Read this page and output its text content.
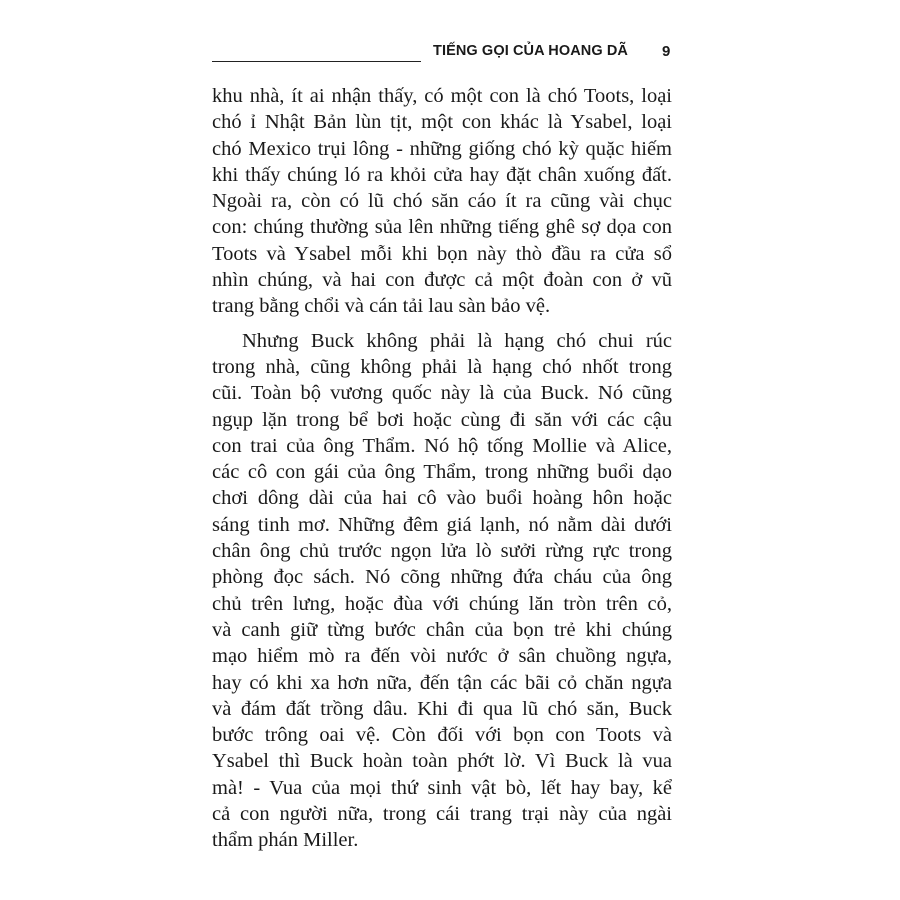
TIẾNG GỌI CỦA HOANG DÃ 9
khu nhà, ít ai nhận thấy, có một con là chó Toots, loại
chó ỉ Nhật Bản lùn tịt, một con khác là Ysabel, loại
chó Mexico trụi lông - những giống chó kỳ quặc hiếm
khi thấy chúng ló ra khỏi cửa hay đặt chân xuống đất.
Ngoài ra, còn có lũ chó săn cáo ít ra cũng vài chục
con: chúng thường sủa lên những tiếng ghê sợ dọa con
Toots và Ysabel mỗi khi bọn này thò đầu ra cửa sổ
nhìn chúng, và hai con được cả một đoàn con ở vũ
trang bằng chổi và cán tải lau sàn bảo vệ.
Nhưng Buck không phải là hạng chó chui rúc
trong nhà, cũng không phải là hạng chó nhốt trong
cũi. Toàn bộ vương quốc này là của Buck. Nó cũng
ngụp lặn trong bể bơi hoặc cùng đi săn với các cậu
con trai của ông Thẩm. Nó hộ tống Mollie và Alice,
các cô con gái của ông Thẩm, trong những buổi dạo
chơi dông dài của hai cô vào buổi hoàng hôn hoặc
sáng tinh mơ. Những đêm giá lạnh, nó nằm dài dưới
chân ông chủ trước ngọn lửa lò sưởi rừng rực trong
phòng đọc sách. Nó cõng những đứa cháu của ông
chủ trên lưng, hoặc đùa với chúng lăn tròn trên cỏ,
và canh giữ từng bước chân của bọn trẻ khi chúng
mạo hiểm mò ra đến vòi nước ở sân chuồng ngựa,
hay có khi xa hơn nữa, đến tận các bãi cỏ chăn ngựa
và đám đất trồng dâu. Khi đi qua lũ chó săn, Buck
bước trông oai vệ. Còn đối với bọn con Toots và
Ysabel thì Buck hoàn toàn phớt lờ. Vì Buck là vua
mà! - Vua của mọi thứ sinh vật bò, lết hay bay, kể
cả con người nữa, trong cái trang trại này của ngài
thẩm phán Miller.
